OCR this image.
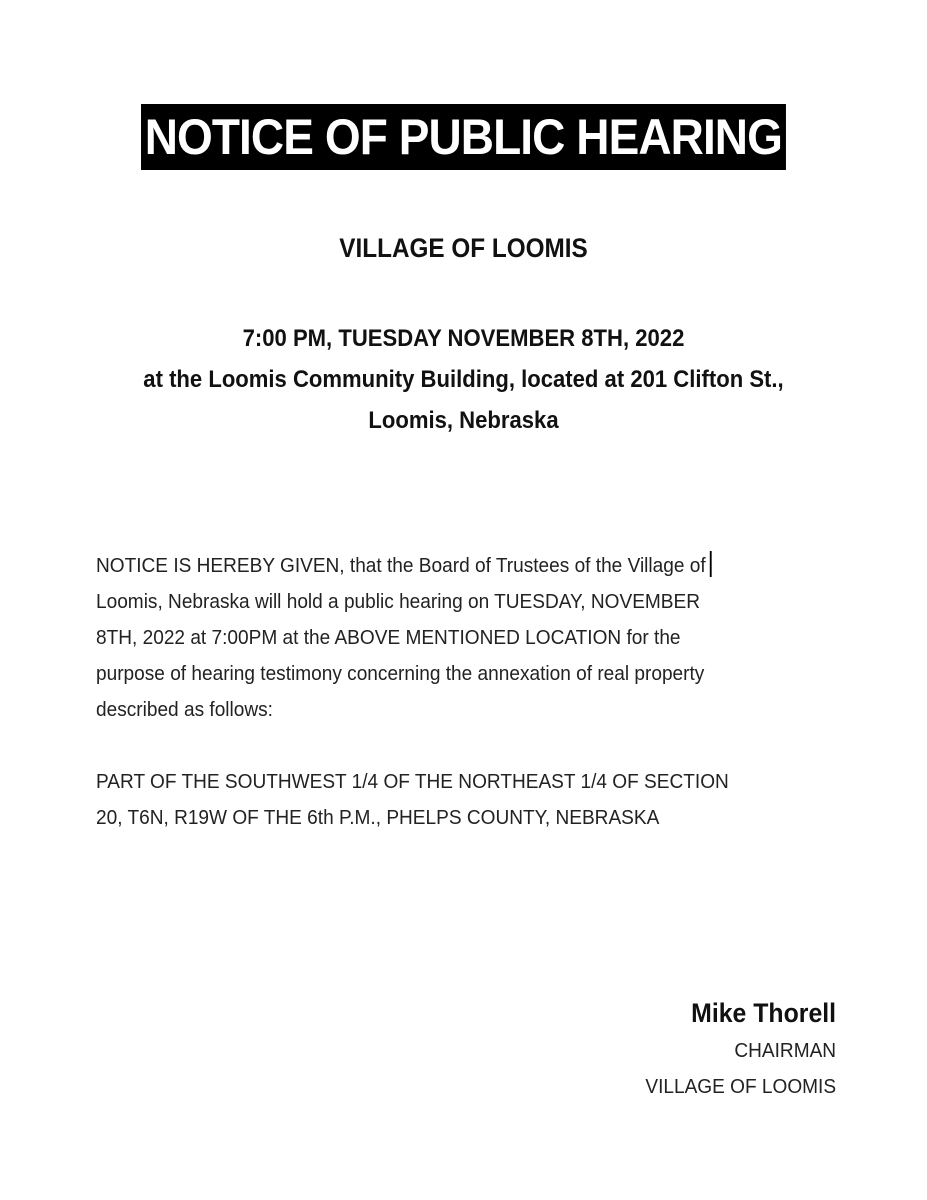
NOTICE OF PUBLIC HEARING
VILLAGE OF LOOMIS
7:00 PM, TUESDAY NOVEMBER 8TH, 2022
at the Loomis Community Building, located at 201 Clifton St.,
Loomis, Nebraska
NOTICE IS HEREBY GIVEN, that the Board of Trustees of the Village of
Loomis, Nebraska will hold a public hearing on TUESDAY, NOVEMBER
8TH, 2022 at 7:00PM at the ABOVE MENTIONED LOCATION for the
purpose of hearing testimony concerning the annexation of real property
described as follows:
PART OF THE SOUTHWEST 1/4 OF THE NORTHEAST 1/4 OF SECTION
20, T6N, R19W OF THE 6th P.M., PHELPS COUNTY, NEBRASKA
Mike Thorell
CHAIRMAN
VILLAGE OF LOOMIS
